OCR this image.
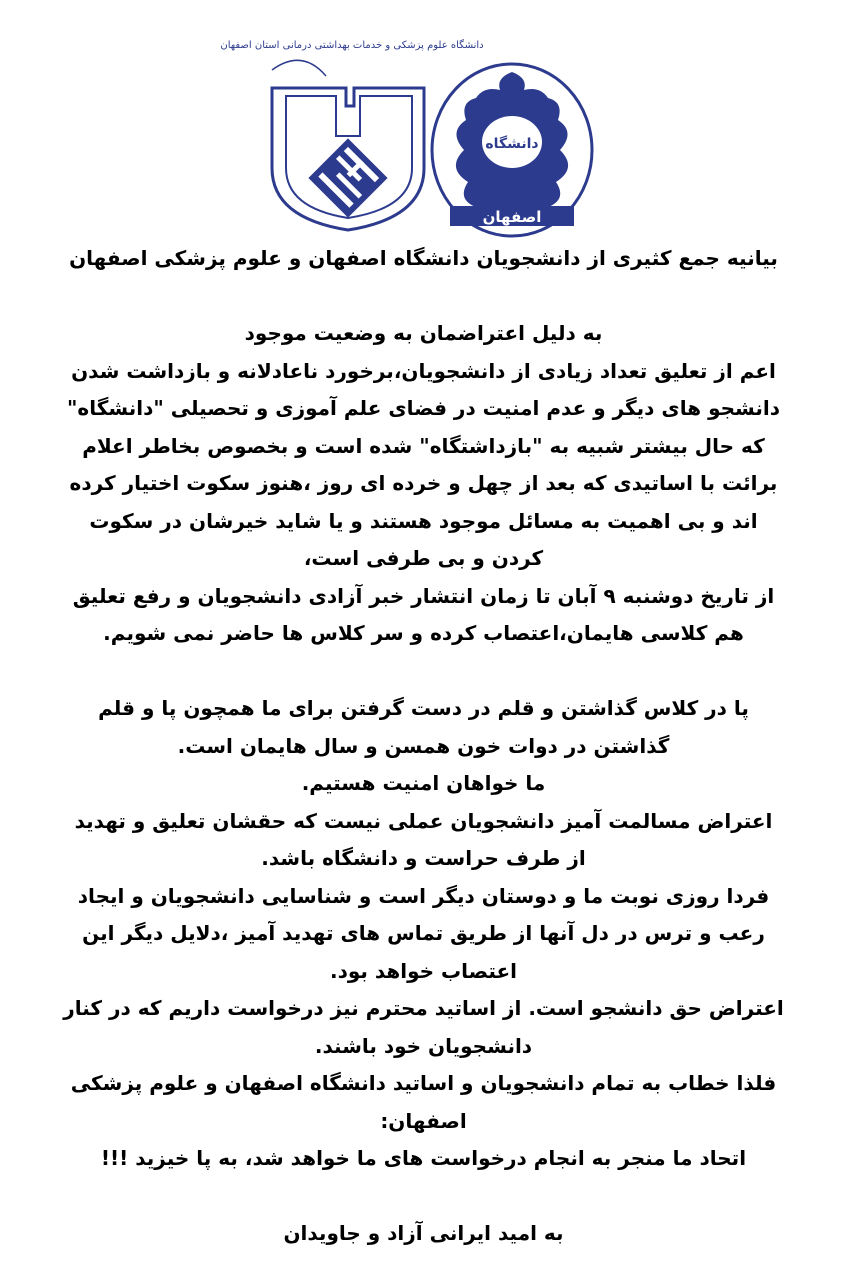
دانشگاه علوم پزشکی و خدمات بهداشتی درمانی استان اصفهان
دانشگاه
اصفهان
بیانیه جمع کثیری از دانشجویان دانشگاه اصفهان و علوم پزشکی اصفهان
به دلیل اعتراضمان به وضعیت موجود
اعم از تعلیق تعداد زیادی از دانشجویان،برخورد ناعادلانه و بازداشت شدن
دانشجو های دیگر و عدم امنیت در فضای علم آموزی و تحصیلی "دانشگاه"
که حال بیشتر شبیه به "بازداشتگاه" شده است و بخصوص بخاطر اعلام
برائت با اساتیدی که بعد از چهل و خرده ای روز ،هنوز سکوت اختیار کرده
اند و بی اهمیت به مسائل موجود هستند و یا شاید خیرشان در سکوت
کردن و بی طرفی است،
از تاریخ دوشنبه ۹ آبان تا زمان انتشار خبر آزادی دانشجویان و رفع تعلیق
هم کلاسی هایمان،اعتصاب کرده و سر کلاس ها حاضر نمی شویم.
پا در کلاس گذاشتن و قلم در دست گرفتن برای ما همچون پا و قلم
گذاشتن در دوات خون همسن و سال هایمان است.
ما خواهان امنیت هستیم.
اعتراض مسالمت آمیز دانشجویان عملی نیست که حقشان تعلیق و تهدید
از طرف حراست و دانشگاه باشد.
فردا روزی نوبت ما و دوستان دیگر است و شناسایی دانشجویان و ایجاد
رعب و ترس در دل آنها از طریق تماس های تهدید آمیز ،دلایل دیگر این
اعتصاب خواهد بود.
اعتراض حق دانشجو است. از اساتید محترم نیز درخواست داریم که در کنار
دانشجویان خود باشند.
فلذا خطاب به تمام دانشجویان و اساتید دانشگاه اصفهان و علوم پزشکی
اصفهان:
اتحاد ما منجر به انجام درخواست های ما خواهد شد، به پا خیزید !!!
به امید ایرانی آزاد و جاویدان
